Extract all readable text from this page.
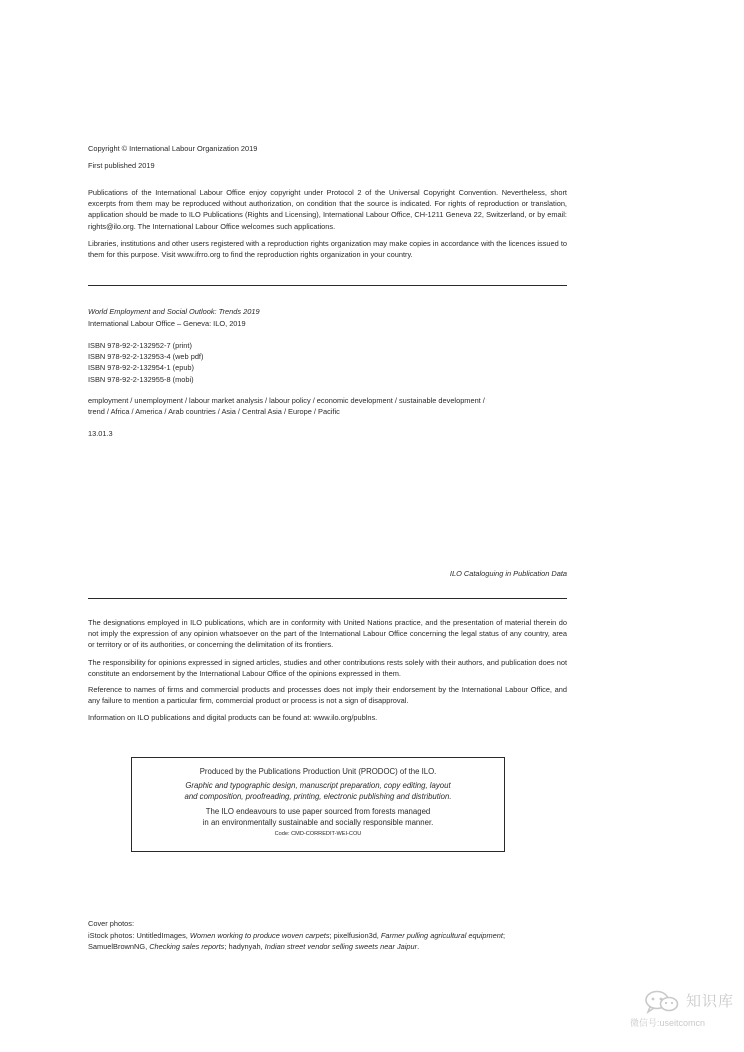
Copyright © International Labour Organization 2019
First published 2019
Publications of the International Labour Office enjoy copyright under Protocol 2 of the Universal Copyright Convention. Nevertheless, short excerpts from them may be reproduced without authorization, on condition that the source is indicated. For rights of reproduction or translation, application should be made to ILO Publications (Rights and Licensing), International Labour Office, CH-1211 Geneva 22, Switzerland, or by email: rights@ilo.org. The International Labour Office welcomes such applications.
Libraries, institutions and other users registered with a reproduction rights organization may make copies in accordance with the licences issued to them for this purpose. Visit www.ifrro.org to find the reproduction rights organization in your country.
World Employment and Social Outlook: Trends 2019
International Labour Office – Geneva: ILO, 2019
ISBN 978-92-2-132952-7 (print)
ISBN 978-92-2-132953-4 (web pdf)
ISBN 978-92-2-132954-1 (epub)
ISBN 978-92-2-132955-8 (mobi)
employment / unemployment / labour market analysis / labour policy / economic development / sustainable development /
trend / Africa / America / Arab countries / Asia / Central Asia / Europe / Pacific
13.01.3
ILO Cataloguing in Publication Data
The designations employed in ILO publications, which are in conformity with United Nations practice, and the presentation of material therein do not imply the expression of any opinion whatsoever on the part of the International Labour Office concerning the legal status of any country, area or territory or of its authorities, or concerning the delimitation of its frontiers.
The responsibility for opinions expressed in signed articles, studies and other contributions rests solely with their authors, and publication does not constitute an endorsement by the International Labour Office of the opinions expressed in them.
Reference to names of firms and commercial products and processes does not imply their endorsement by the International Labour Office, and any failure to mention a particular firm, commercial product or process is not a sign of disapproval.
Information on ILO publications and digital products can be found at: www.ilo.org/publns.
Produced by the Publications Production Unit (PRODOC) of the ILO.
Graphic and typographic design, manuscript preparation, copy editing, layout
and composition, proofreading, printing, electronic publishing and distribution.
The ILO endeavours to use paper sourced from forests managed
in an environmentally sustainable and socially responsible manner.
Code: CMD-CORREDIT-WEI-COU
Cover photos:
iStock photos: UntitledImages, Women working to produce woven carpets; pixelfusion3d, Farmer pulling agricultural equipment;
SamuelBrownNG, Checking sales reports; hadynyah, Indian street vendor selling sweets near Jaipur.
知识库
微信号:useitcomcn
